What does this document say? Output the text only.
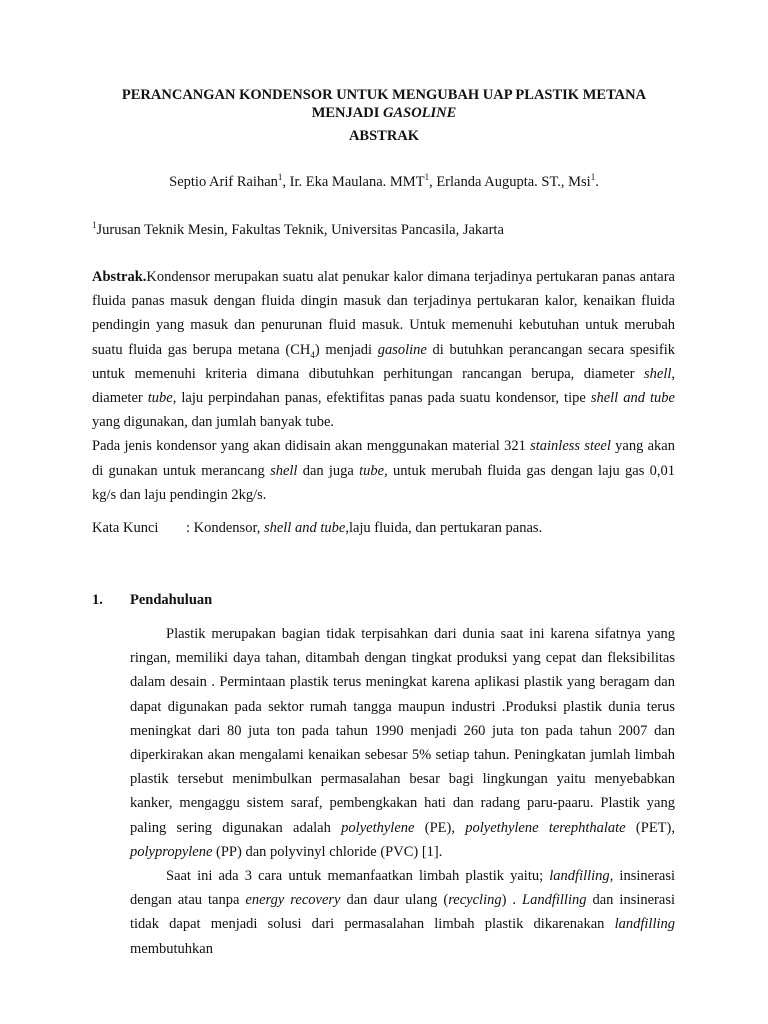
PERANCANGAN KONDENSOR UNTUK MENGUBAH UAP PLASTIK METANA
MENJADI GASOLINE
ABSTRAK
Septio Arif Raihan$^1$, Ir. Eka Maulana. MMT$^1$, Erlanda Augupta. ST., Msi$^1$.
$^1$Jurusan Teknik Mesin, Fakultas Teknik, Universitas Pancasila, Jakarta

Abstrak.Kondensor merupakan suatu alat penukar kalor dimana terjadinya pertukaran panas antara fluida panas masuk dengan fluida dingin masuk dan terjadinya pertukaran kalor, kenaikan fluida pendingin yang masuk dan penurunan fluid masuk. Untuk memenuhi kebutuhan untuk merubah suatu fluida gas berupa metana $(CH_4)$ menjadi gasoline di butuhkan perancangan secara spesifik untuk memenuhi kriteria dimana dibutuhkan perhitungan rancangan berupa, diameter shell, diameter tube, laju perpindahan panas, efektifitas panas pada suatu kondensor, tipe shell and tube yang digunakan, dan jumlah banyak tube.

Pada jenis kondensor yang akan didisain akan menggunakan material 321 stainless steel yang akan di gunakan untuk merancang shell dan juga tube, untuk merubah fluida gas dengan laju gas 0,01 kg/s dan laju pendingin 2kg/s.

Kata Kunci	: Kondensor, shell and tube,laju fluida, dan pertukaran panas.
1.	Pendahuluan

Plastik merupakan bagian tidak terpisahkan dari dunia saat ini karena sifatnya yang ringan, memiliki daya tahan, ditambah dengan tingkat produksi yang cepat dan fleksibilitas dalam desain . Permintaan plastik terus meningkat karena aplikasi plastik yang beragam dan dapat digunakan pada sektor rumah tangga maupun industri .Produksi plastik dunia terus meningkat dari 80 juta ton pada tahun 1990 menjadi 260 juta ton pada tahun 2007 dan diperkirakan akan mengalami kenaikan sebesar 5% setiap tahun. Peningkatan jumlah limbah plastik tersebut menimbulkan permasalahan besar bagi lingkungan yaitu menyebabkan kanker, mengaggu sistem saraf, pembengkakan hati dan radang paru-paaru. Plastik yang paling sering digunakan adalah polyethylene (PE), polyethylene terephthalate (PET), polypropylene (PP) dan polyvinyl chloride (PVC) [1].

Saat ini ada 3 cara untuk memanfaatkan limbah plastik yaitu; landfilling, insinerasi dengan atau tanpa energy recovery dan daur ulang (recycling) . Landfilling dan insinerasi tidak dapat menjadi solusi dari permasalahan limbah plastik dikarenakan landfilling membutuhkan
